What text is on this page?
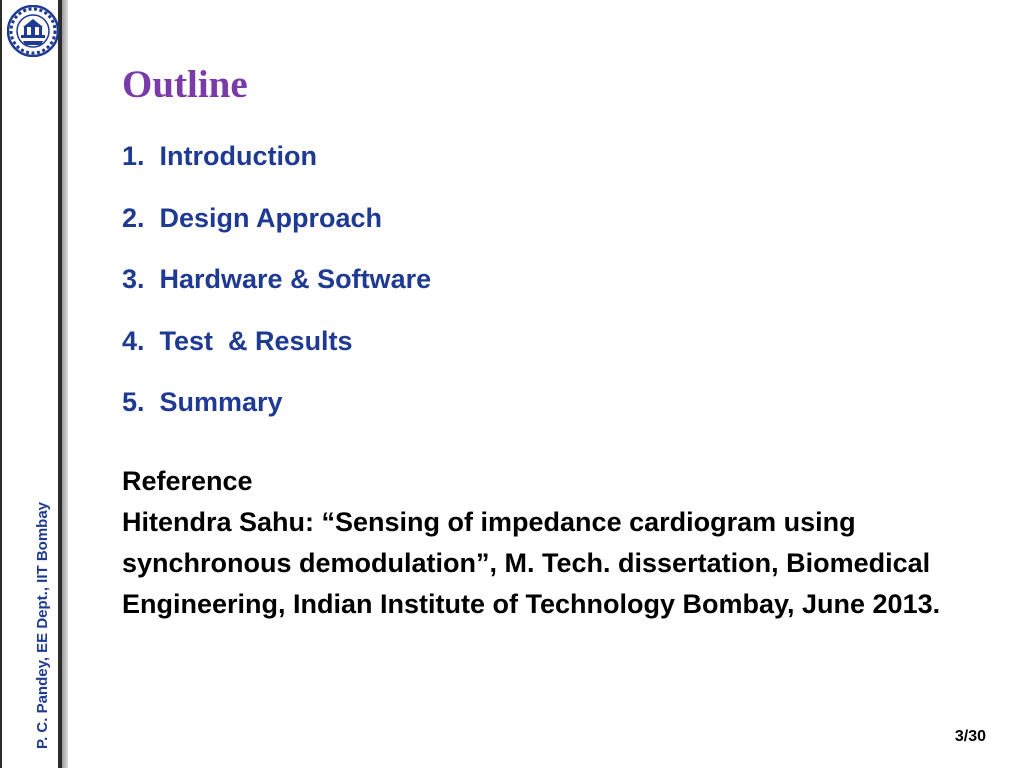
P. C. Pandey, EE Dept., IIT Bombay
Outline
1.  Introduction
2.  Design Approach
3.  Hardware & Software
4.  Test  & Results
5.  Summary

Reference

Hitendra Sahu: “Sensing of impedance cardiogram using synchronous demodulation”, M. Tech. dissertation, Biomedical Engineering, Indian Institute of Technology Bombay, June 2013.

3/30
